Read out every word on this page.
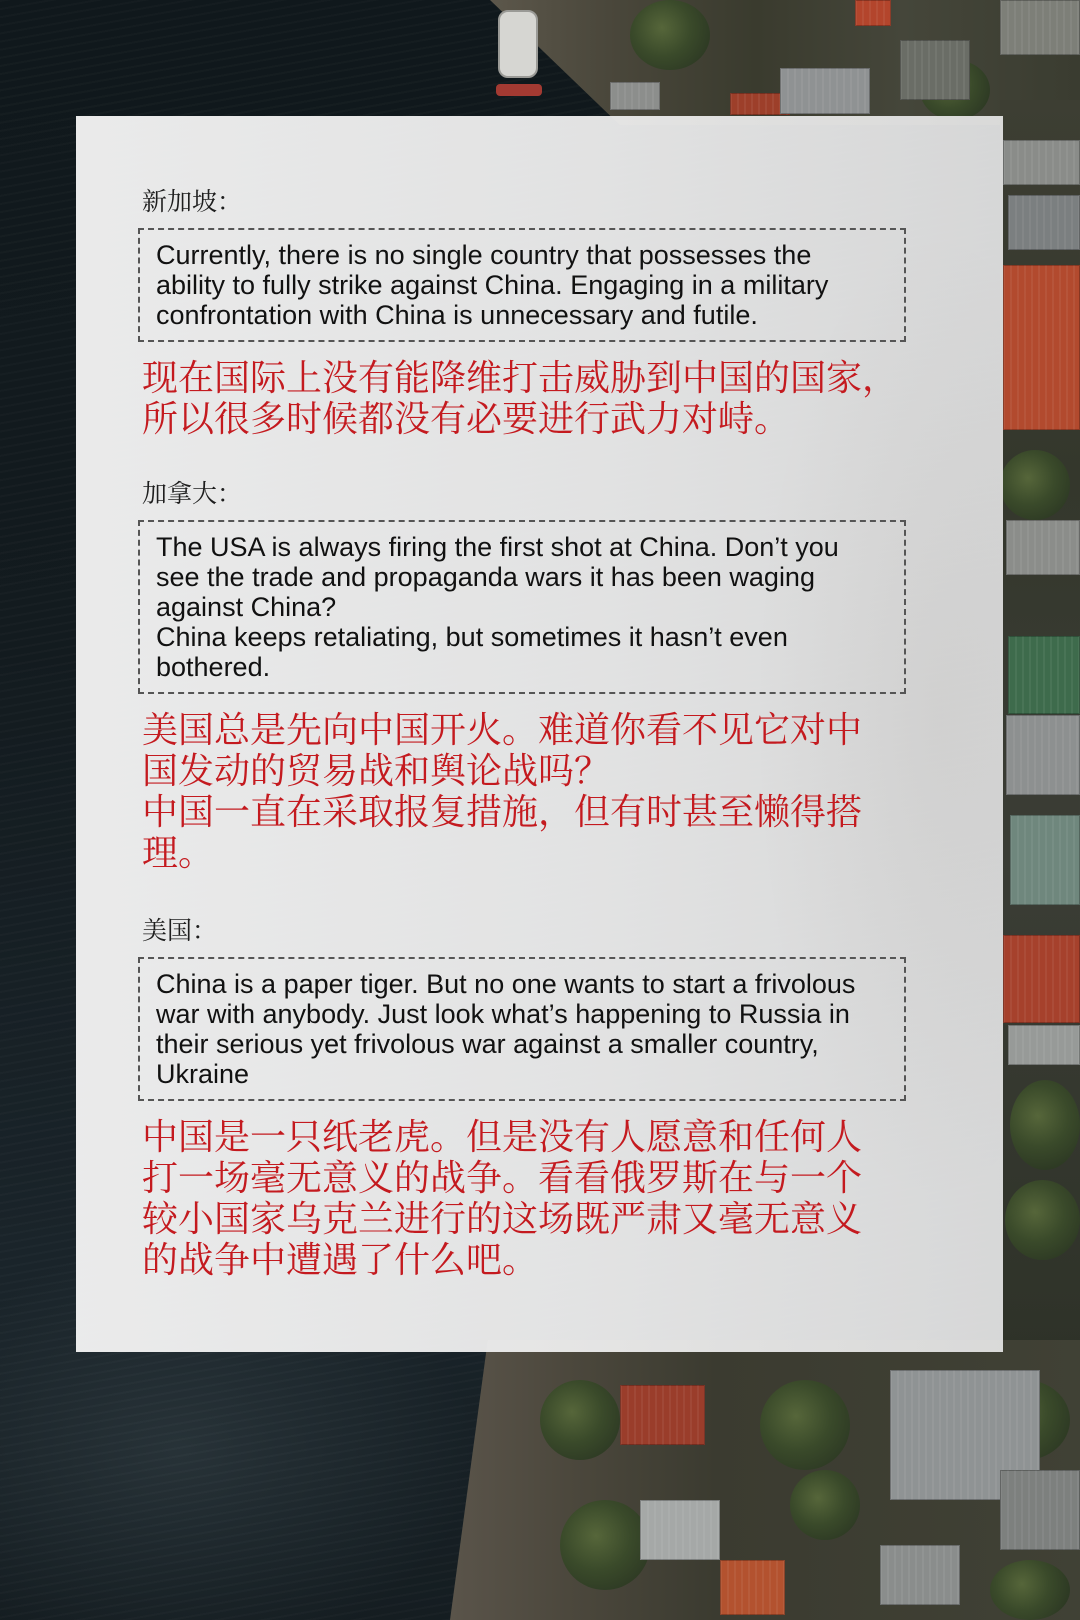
新加坡：
Currently, there is no single country that possesses the
ability to fully strike against China. Engaging in a military
confrontation with China is unnecessary and futile.
现在国际上没有能降维打击威胁到中国的国家，
所以很多时候都没有必要进行武力对峙。
加拿大：
The USA is always firing the first shot at China. Don’t you
see the trade and propaganda wars it has been waging
against China?
China keeps retaliating, but sometimes it hasn’t even
bothered.
美国总是先向中国开火。难道你看不见它对中
国发动的贸易战和舆论战吗？
中国一直在采取报复措施，但有时甚至懒得搭
理。
美国：
China is a paper tiger. But no one wants to start a frivolous
war with anybody. Just look what’s happening to Russia in
their serious yet frivolous war against a smaller country,
Ukraine
中国是一只纸老虎。但是没有人愿意和任何人
打一场毫无意义的战争。看看俄罗斯在与一个
较小国家乌克兰进行的这场既严肃又毫无意义
的战争中遭遇了什么吧。
